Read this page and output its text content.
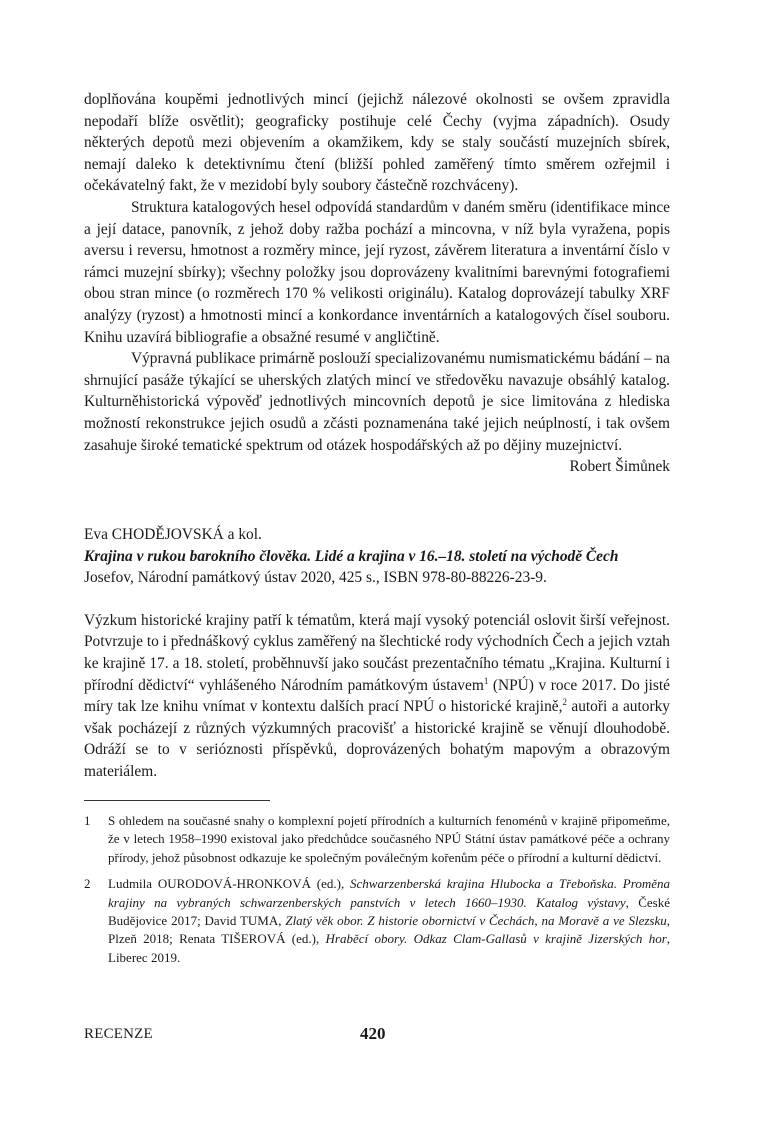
doplňována koupěmi jednotlivých mincí (jejichž nálezové okolnosti se ovšem zpravidla nepodaří blíže osvětlit); geograficky postihuje celé Čechy (vyjma západních). Osudy některých depotů mezi objevením a okamžikem, kdy se staly součástí muzejních sbírek, nemají daleko k detektivnímu čtení (bližší pohled zaměřený tímto směrem ozřejmil i očekávatelný fakt, že v mezidobí byly soubory částečně rozchváceny).

Struktura katalogových hesel odpovídá standardům v daném směru (identifikace mince a její datace, panovník, z jehož doby ražba pochází a mincovna, v níž byla vyražena, popis aversu i reversu, hmotnost a rozměry mince, její ryzost, závěrem literatura a inventární číslo v rámci muzejní sbírky); všechny položky jsou doprovázeny kvalitními barevnými fotografiemi obou stran mince (o rozměrech 170 % velikosti originálu). Katalog doprovázejí tabulky XRF analýzy (ryzost) a hmotnosti mincí a konkordance inventárních a katalogových čísel souboru. Knihu uzavírá bibliografie a obsažné resumé v angličtině.

Výpravná publikace primárně poslouží specializovanému numismatickému bádání – na shrnující pasáže týkající se uherských zlatých mincí ve středověku navazuje obsáhlý katalog. Kulturněhistorická výpověď jednotlivých mincovních depotů je sice limitována z hlediska možností rekonstrukce jejich osudů a zčásti poznamenána také jejich neúplností, i tak ovšem zasahuje široké tematické spektrum od otázek hospodářských až po dějiny muzejnictví.

Robert Šimůnek

Eva CHODĚJOVSKÁ a kol.

Krajina v rukou barokního člověka. Lidé a krajina v 16.–18. století na východě Čech

Josefov, Národní památkový ústav 2020, 425 s., ISBN 978-80-88226-23-9.

Výzkum historické krajiny patří k tématům, která mají vysoký potenciál oslovit širší veřejnost. Potvrzuje to i přednáškový cyklus zaměřený na šlechtické rody východních Čech a jejich vztah ke krajině 17. a 18. století, proběhnuvší jako součást prezentačního tématu „Krajina. Kulturní i přírodní dědictví“ vyhlášeného Národním památkovým ústavem$^1$ (NPÚ) v roce 2017. Do jisté míry tak lze knihu vnímat v kontextu dalších prací NPÚ o historické krajině,$^2$ autoři a autorky však pocházejí z různých výzkumných pracovišť a historické krajině se věnují dlouhodobě. Odráží se to v serióznosti příspěvků, doprovázených bohatým mapovým a obrazovým materiálem.

1	S ohledem na současné snahy o komplexní pojetí přírodních a kulturních fenoménů v krajině připomeňme, že v letech 1958–1990 existoval jako předchůdce současného NPÚ Státní ústav památkové péče a ochrany přírody, jehož působnost odkazuje ke společným poválečným kořenům péče o přírodní a kulturní dědictví.
2	Ludmila OURODOVÁ-HRONKOVÁ (ed.), Schwarzenberská krajina Hlubocka a Třeboňska. Proměna krajiny na vybraných schwarzenberských panstvích v letech 1660–1930. Katalog výstavy, České Budějovice 2017; David TUMA, Zlatý věk obor. Z historie obornictví v Čechách, na Moravě a ve Slezsku, Plzeň 2018; Renata TIŠEROVÁ (ed.), Hraběcí obory. Odkaz Clam-Gallasů v krajině Jizerských hor, Liberec 2019.
RECENZE	420
